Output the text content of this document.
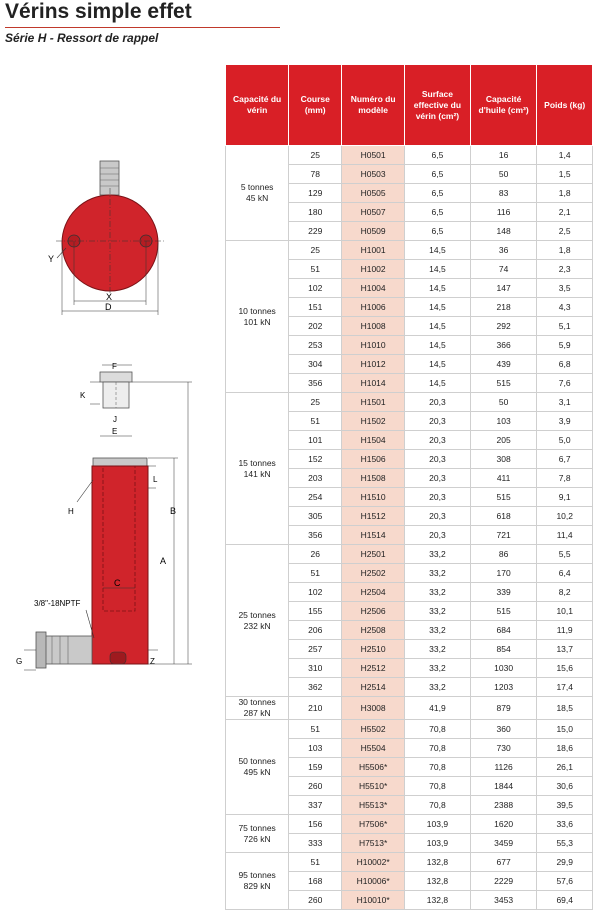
Vérins simple effet

Série H - Ressort de rappel

Y
X
D
F
K
J
E
L
H
C
B
A
Z
3/8"-18NPTF
G
Capacité du vérin	Course (mm)	Numéro du modèle	Surface effective du vérin (cm²)	Capacité d'huile (cm³)	Poids (kg)
5 tonnes
45 kN	25	H0501	6,5	16	1,4
	78	H0503	6,5	50	1,5
	129	H0505	6,5	83	1,8
	180	H0507	6,5	116	2,1
	229	H0509	6,5	148	2,5
10 tonnes
101 kN	25	H1001	14,5	36	1,8
	51	H1002	14,5	74	2,3
	102	H1004	14,5	147	3,5
	151	H1006	14,5	218	4,3
	202	H1008	14,5	292	5,1
	253	H1010	14,5	366	5,9
	304	H1012	14,5	439	6,8
	356	H1014	14,5	515	7,6
15 tonnes
141 kN	25	H1501	20,3	50	3,1
	51	H1502	20,3	103	3,9
	101	H1504	20,3	205	5,0
	152	H1506	20,3	308	6,7
	203	H1508	20,3	411	7,8
	254	H1510	20,3	515	9,1
	305	H1512	20,3	618	10,2
	356	H1514	20,3	721	11,4
25 tonnes
232 kN	26	H2501	33,2	86	5,5
	51	H2502	33,2	170	6,4
	102	H2504	33,2	339	8,2
	155	H2506	33,2	515	10,1
	206	H2508	33,2	684	11,9
	257	H2510	33,2	854	13,7
	310	H2512	33,2	1030	15,6
	362	H2514	33,2	1203	17,4
30 tonnes
287 kN	210	H3008	41,9	879	18,5
50 tonnes
495 kN	51	H5502	70,8	360	15,0
	103	H5504	70,8	730	18,6
	159	H5506*	70,8	1126	26,1
	260	H5510*	70,8	1844	30,6
	337	H5513*	70,8	2388	39,5
75 tonnes
726 kN	156	H7506*	103,9	1620	33,6
	333	H7513*	103,9	3459	55,3
95 tonnes
829 kN	51	H10002*	132,8	677	29,9
	168	H10006*	132,8	2229	57,6
	260	H10010*	132,8	3453	69,4
